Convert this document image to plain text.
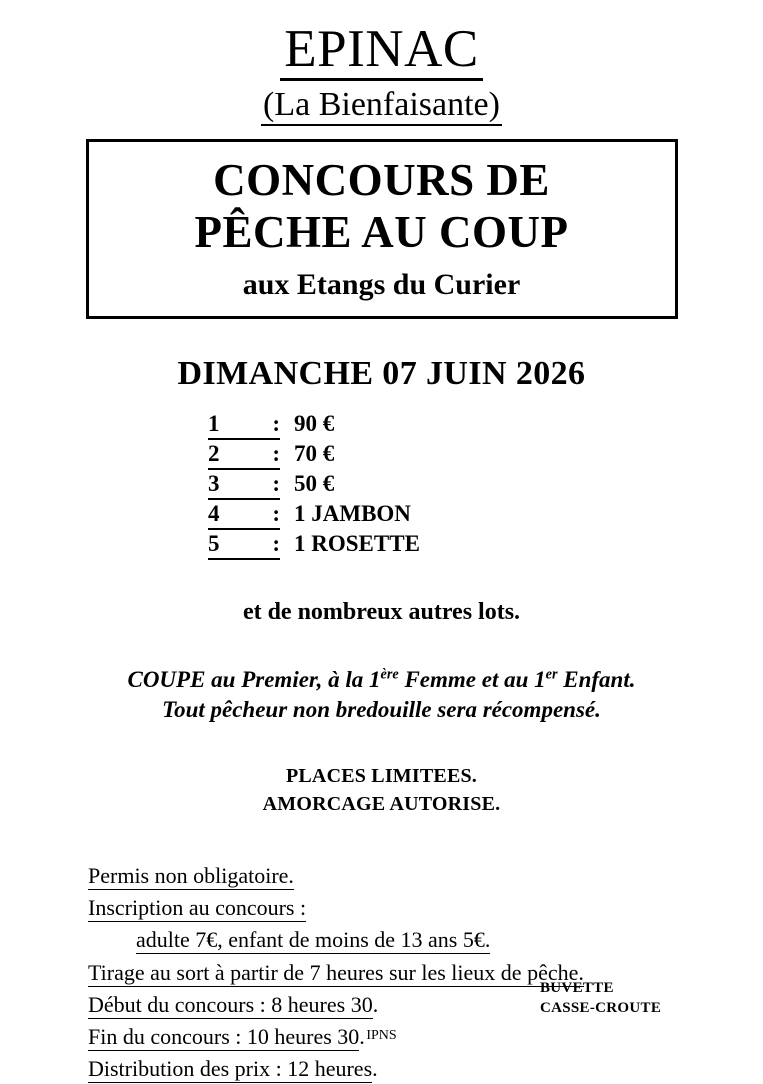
EPINAC
(La Bienfaisante)
CONCOURS DE
PÊCHE AU COUP
aux Etangs du Curier
DIMANCHE 07 JUIN 2026
1 : 90 €
2 : 70 €
3 : 50 €
4 : 1 JAMBON
5 : 1 ROSETTE
et de nombreux autres lots.
COUPE au Premier, à la 1ère Femme et au 1er Enfant.
Tout pêcheur non bredouille sera récompensé.
PLACES LIMITEES.
AMORCAGE AUTORISE.
Permis non obligatoire.
Inscription au concours :
adulte 7€, enfant de moins de 13 ans 5€.
Tirage au sort à partir de 7 heures sur les lieux de pêche.
Début du concours : 8 heures 30.
Fin du concours : 10 heures 30.
Distribution des prix : 12 heures.
BUVETTE
CASSE-CROUTE
IPNS
